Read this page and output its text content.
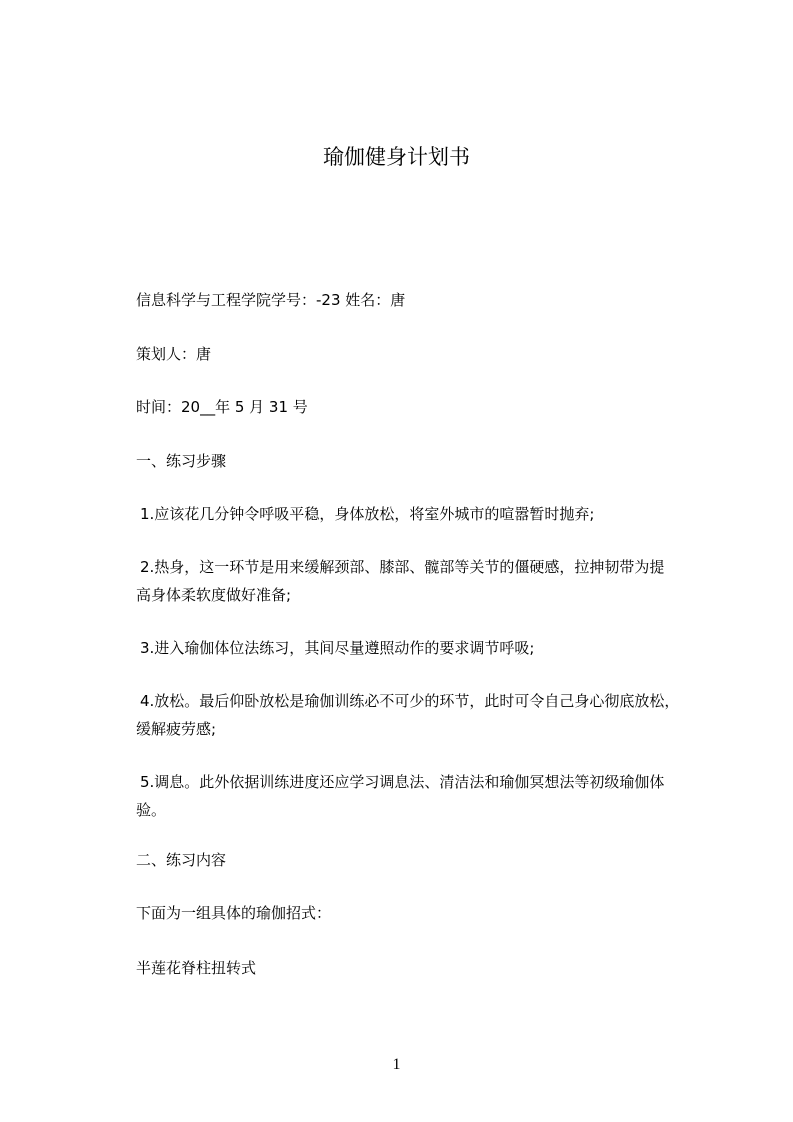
瑜伽健身计划书

信息科学与工程学院学号：-23 姓名：唐

策划人：唐

时间：20__年 5 月 31 号

一、练习步骤

1.应该花几分钟令呼吸平稳，身体放松，将室外城市的喧嚣暂时抛弃;

2.热身，这一环节是用来缓解颈部、膝部、髋部等关节的僵硬感，拉抻韧带为提
高身体柔软度做好准备;

3.进入瑜伽体位法练习，其间尽量遵照动作的要求调节呼吸;

4.放松。最后仰卧放松是瑜伽训练必不可少的环节，此时可令自己身心彻底放松，
缓解疲劳感;
5.调息。此外依据训练进度还应学习调息法、清洁法和瑜伽冥想法等初级瑜伽体
验。

二、练习内容

下面为一组具体的瑜伽招式：

半莲花脊柱扭转式

1
